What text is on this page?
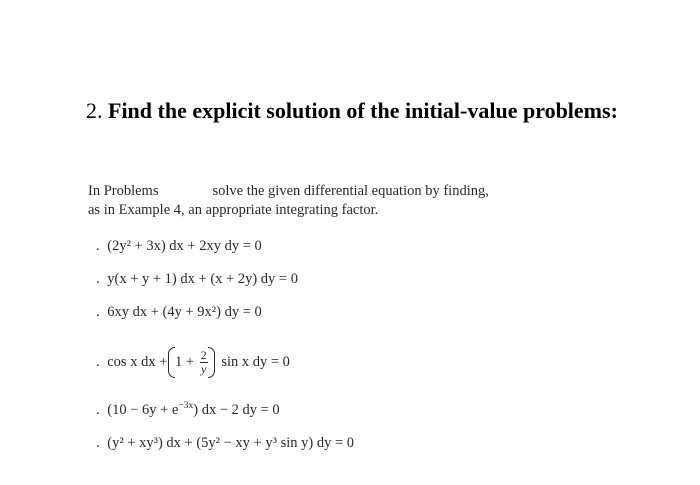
2. Find the explicit solution of the initial-value problems:

In Problems	solve the given differential equation by finding,
as in Example 4, an appropriate integrating factor.

. (2y² + 3x) dx + 2xy dy = 0
. y(x + y + 1) dx + (x + 2y) dy = 0
. 6xy dx + (4y + 9x²) dy = 0
. cos x dx + $1 + \frac{2}{y}$ sin x dy = 0
. $(10 - 6y + e^{-3x})$ dx − 2 dy = 0
. (y² + xy³) dx + (5y² − xy + y³ sin y) dy = 0
